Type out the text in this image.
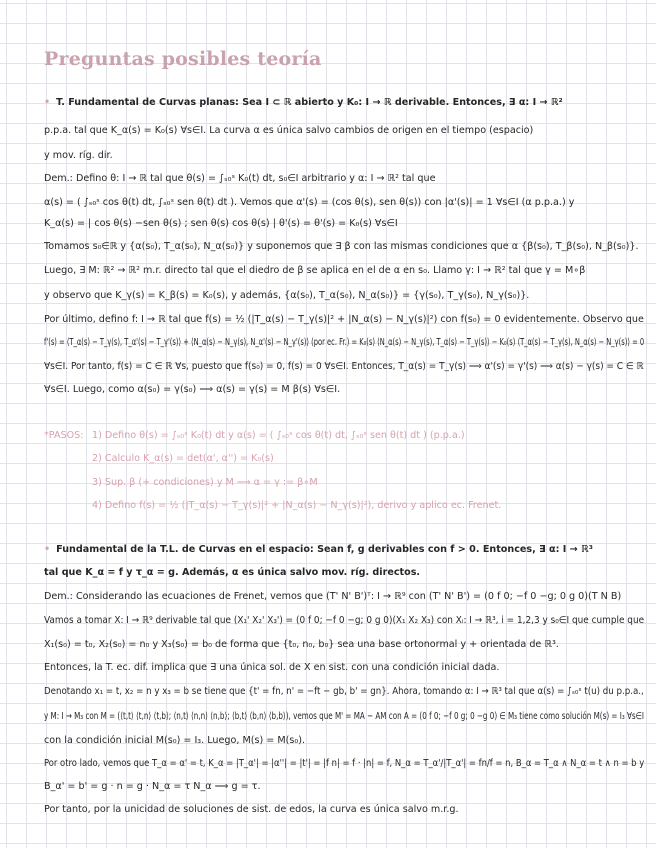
Preguntas posibles teoría
• T. Fundamental de Curvas planas: Sea I ⊂ ℝ abierto y K₀: I → ℝ derivable. Entonces, ∃ α: I → ℝ²
p.p.a. tal que K_α(s) = K₀(s) ∀s∈I. La curva α es única salvo cambios de origen en el tiempo (espacio)
y mov. ríg. dir.
Dem.: Defino θ: I → ℝ tal que θ(s) = ∫ₛ₀ˢ K₀(t) dt, s₀∈I arbitrario y α: I → ℝ² tal que
α(s) = ( ∫ₛ₀ˢ cos θ(t) dt, ∫ₛ₀ˢ sen θ(t) dt ). Vemos que α'(s) = (cos θ(s), sen θ(s)) con |α'(s)| = 1 ∀s∈I (α p.p.a.) y
K_α(s) = | cos θ(s) −sen θ(s) ; sen θ(s) cos θ(s) | θ'(s) = θ'(s) = K₀(s) ∀s∈I
Tomamos s₀∈ℝ y {α(s₀), T_α(s₀), N_α(s₀)} y suponemos que ∃ β con las mismas condiciones que α {β(s₀), T_β(s₀), N_β(s₀)}.
Luego, ∃ M: ℝ² → ℝ² m.r. directo tal que el diedro de β se aplica en el de α en s₀. Llamo γ: I → ℝ² tal que γ = M∘β
y observo que K_γ(s) = K_β(s) = K₀(s), y además, {α(s₀), T_α(s₀), N_α(s₀)} = {γ(s₀), T_γ(s₀), N_γ(s₀)}.
Por último, defino f: I → ℝ tal que f(s) = ½ (|T_α(s) − T_γ(s)|² + |N_α(s) − N_γ(s)|²) con f(s₀) = 0 evidentemente. Observo que
f'(s) = ⟨T_α(s) − T_γ(s), T_α'(s) − T_γ'(s)⟩ + ⟨N_α(s) − N_γ(s), N_α'(s) − N_γ'(s)⟩ (por ec. Fr.) = K₀(s) ⟨N_α(s) − N_γ(s), T_α(s) − T_γ(s)⟩ − K₀(s) ⟨T_α(s) − T_γ(s), N_α(s) − N_γ(s)⟩ = 0
∀s∈I. Por tanto, f(s) = C ∈ ℝ ∀s, puesto que f(s₀) = 0, f(s) = 0 ∀s∈I. Entonces, T_α(s) = T_γ(s) ⟹ α'(s) = γ'(s) ⟹ α(s) − γ(s) = C ∈ ℝ
∀s∈I. Luego, como α(s₀) = γ(s₀) ⟹ α(s) = γ(s) = M β(s) ∀s∈I.
*PASOS: 1) Defino θ(s) = ∫ₛ₀ˢ K₀(t) dt y α(s) = ( ∫ₛ₀ˢ cos θ(t) dt, ∫ₛ₀ˢ sen θ(t) dt ) (p.p.a.)
2) Calculo K_α(s) = det(α', α'') = K₀(s)
3) Sup. β (+ condiciones) y M ⟹ α = γ := β∘M
4) Defino f(s) = ½ (|T_α(s) − T_γ(s)|² + |N_α(s) − N_γ(s)|²), derivo y aplico ec. Frenet.
• Fundamental de la T.L. de Curvas en el espacio: Sean f, g derivables con f > 0. Entonces, ∃ α: I → ℝ³
tal que K_α = f y τ_α = g. Además, α es única salvo mov. ríg. directos.
Dem.: Considerando las ecuaciones de Frenet, vemos que (T' N' B')ᵀ: I → ℝ⁹ con (T' N' B') = (0 f 0; −f 0 −g; 0 g 0)(T N B)
Vamos a tomar X: I → ℝ⁹ derivable tal que (X₁' X₂' X₃') = (0 f 0; −f 0 −g; 0 g 0)(X₁ X₂ X₃) con Xᵢ: I → ℝ³, i = 1,2,3 y s₀∈I que cumple que
X₁(s₀) = t₀, X₂(s₀) = n₀ y X₃(s₀) = b₀ de forma que {t₀, n₀, b₀} sea una base ortonormal y + orientada de ℝ³.
Entonces, la T. ec. dif. implica que ∃ una única sol. de X en sist. con una condición inicial dada.
Denotando x₁ = t, x₂ = n y x₃ = b se tiene que {t' = fn, n' = −ft − gb, b' = gn}. Ahora, tomando α: I → ℝ³ tal que α(s) = ∫ₛ₀ˢ t(u) du p.p.a.,
y M: I → M₃ con M = (⟨t,t⟩ ⟨t,n⟩ ⟨t,b⟩; ⟨n,t⟩ ⟨n,n⟩ ⟨n,b⟩; ⟨b,t⟩ ⟨b,n⟩ ⟨b,b⟩), vemos que M' = MA − AM con A = (0 f 0; −f 0 g; 0 −g 0) ∈ M₃ tiene como solución M(s) = I₃ ∀s∈I
con la condición inicial M(s₀) = I₃. Luego, M(s) = M(s₀).
Por otro lado, vemos que T_α = α' = t, K_α = |T_α'| = |α''| = |t'| = |f n| = f · |n| = f, N_α = T_α'/|T_α'| = fn/f = n, B_α = T_α ∧ N_α = t ∧ n = b y
B_α' = b' = g · n = g · N_α = τ N_α ⟹ g = τ.
Por tanto, por la unicidad de soluciones de sist. de edos, la curva es única salvo m.r.g.
